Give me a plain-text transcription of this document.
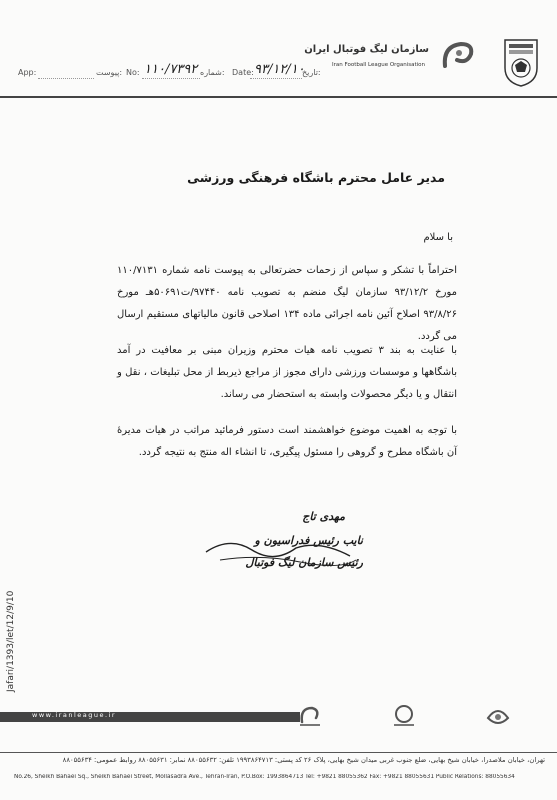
سازمان لیگ فوتبال ایران
Iran Football League Organisation
Date: ۹۳/۱۲/۱۰
تاریخ:
No: ۱۱۰/۷۳۹۲ شماره:
App:	پیوست:
مدیر عامل محترم باشگاه فرهنگی ورزشی
با سلام
احتراماً با تشکر و سپاس از زحمات حضرتعالی به پیوست نامه شماره ۱۱۰/۷۱۳۱ مورخ ۹۳/۱۲/۲ سازمان لیگ منضم به تصویب نامه ۹۷۴۴۰/ت۵۰۶۹۱هـ مورخ ۹۳/۸/۲۶ اصلاح آئین نامه اجرائی ماده ۱۳۴ اصلاحی قانون مالیاتهای مستقیم ارسال می گردد.
با عنایت به بند ۳ تصویب نامه هیات محترم وزیران مبنی بر معافیت در آمد باشگاهها و موسسات ورزشی دارای مجوز از مراجع ذیربط از محل تبلیغات ، نقل و انتقال و یا دیگر محصولات وابسته به استحضار می رساند.
با توجه به اهمیت موضوع خواهشمند است دستور فرمائید مراتب در هیات مدیرهٔ آن باشگاه مطرح و گروهی را مسئول پیگیری، تا انشاء اله منتج به نتیجه گردد.
مهدی تاج
نایب رئیس فدراسیون و
رئیس سازمان لیگ فوتبال
Jafari/1393/let/12/9/10
www.iranleague.ir
تهران، خیابان ملاصدرا، خیابان شیخ بهایی، ضلع جنوب غربی میدان شیخ بهایی، پلاک ۲۶ کد پستی: ۱۹۹۳۸۶۴۷۱۳ تلفن: ۸۸۰۵۵۶۳۲ نمابر: ۸۸۰۵۵۶۳۱ روابط عمومی: ۸۸۰۵۵۶۳۴
No.26, Sheikh Bahaei Sq., Sheikh Bahaei Street, Mollasadra Ave., Tehran-Iran, P.O.Box: 1993864713 Tel: +9821 88055362 Fax: +9821 88055631 Public Relations: 88055634
